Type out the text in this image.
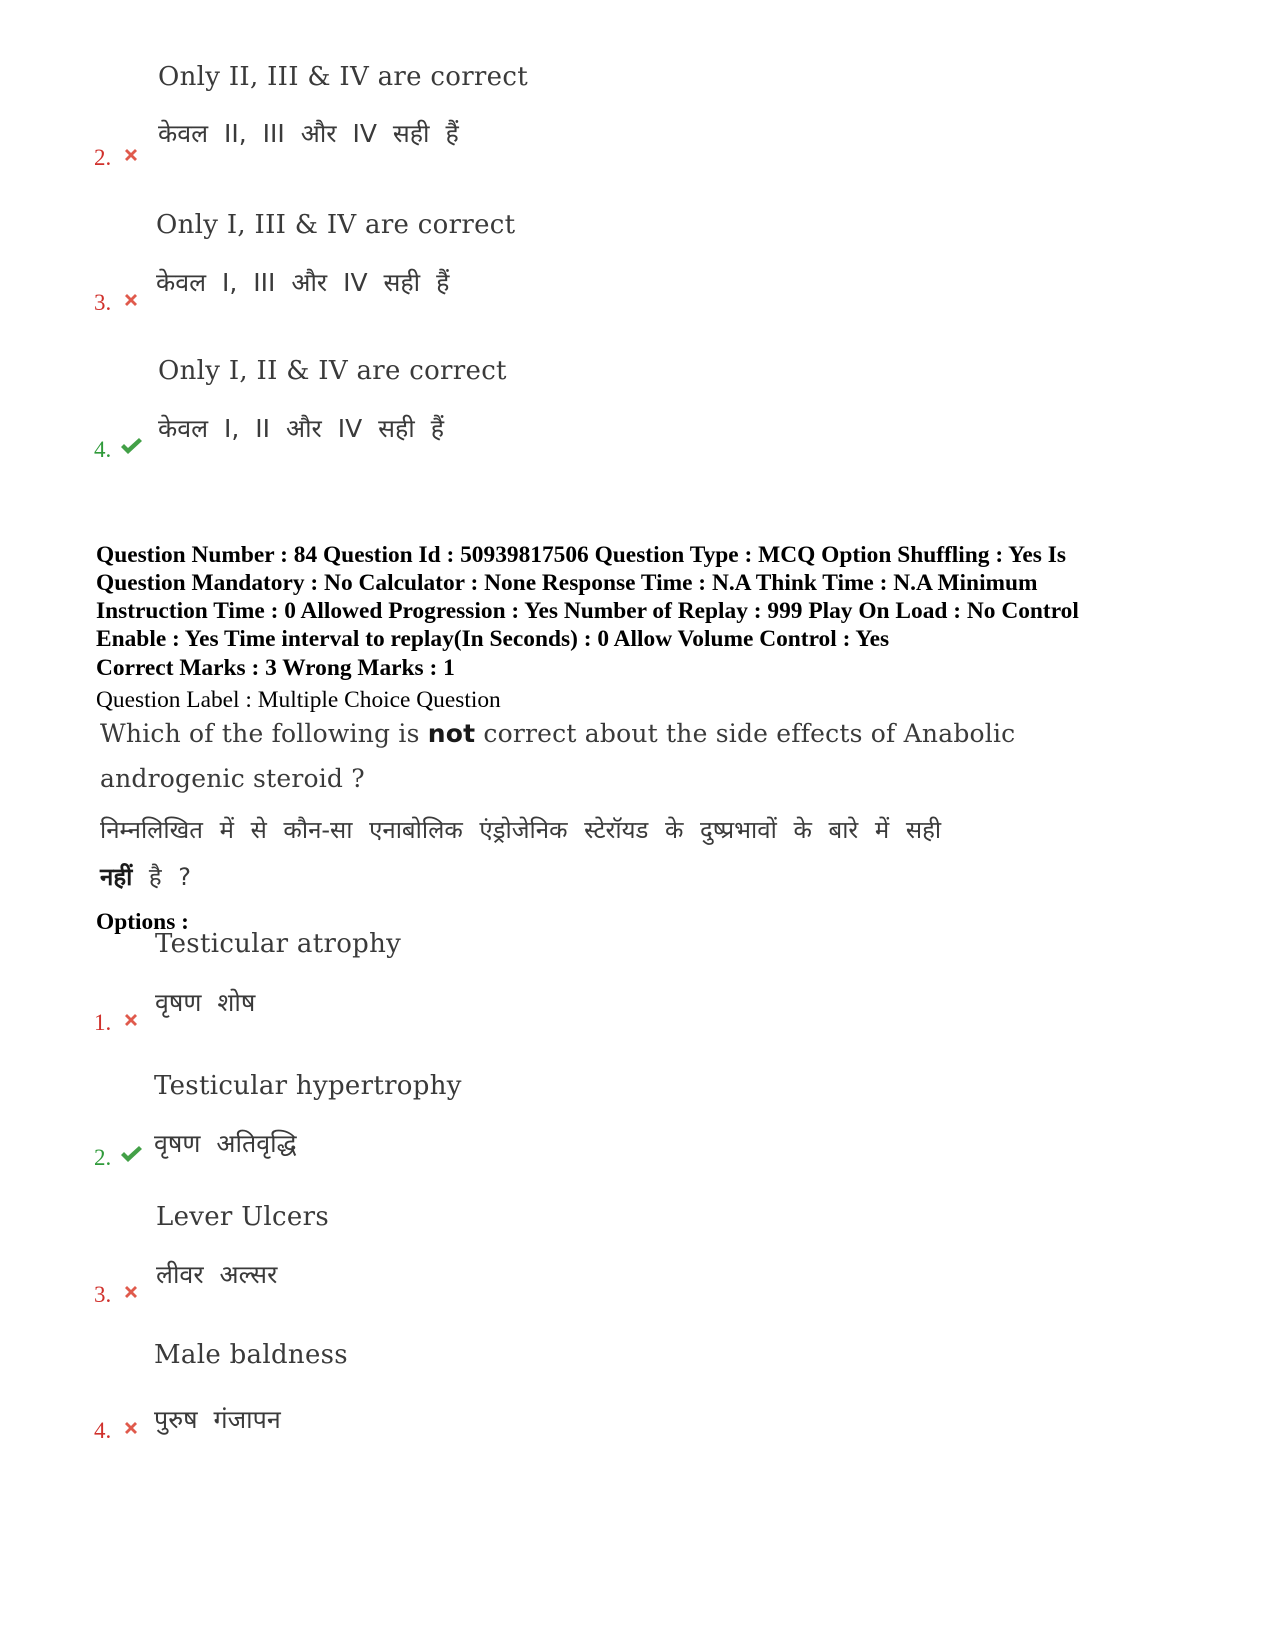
Only II, III & IV are correct
केवल II, III और IV सही हैं
2.
Only I, III & IV are correct
केवल I, III और IV सही हैं
3.
Only I, II & IV are correct
केवल I, II और IV सही हैं
4.
Question Number : 84 Question Id : 50939817506 Question Type : MCQ Option Shuffling : Yes Is
Question Mandatory : No Calculator : None Response Time : N.A Think Time : N.A Minimum
Instruction Time : 0 Allowed Progression : Yes Number of Replay : 999 Play On Load : No Control
Enable : Yes Time interval to replay(In Seconds) : 0 Allow Volume Control : Yes
Correct Marks : 3 Wrong Marks : 1
Question Label : Multiple Choice Question
Which of the following is not correct about the side effects of Anabolic
androgenic steroid ?
निम्नलिखित में से कौन-सा एनाबोलिक एंड्रोजेनिक स्टेरॉयड के दुष्प्रभावों के बारे में सही
नहीं है ?
Options :
Testicular atrophy
वृषण शोष
1.
Testicular hypertrophy
वृषण अतिवृद्धि
2.
Lever Ulcers
लीवर अल्सर
3.
Male baldness
पुरुष गंजापन
4.
